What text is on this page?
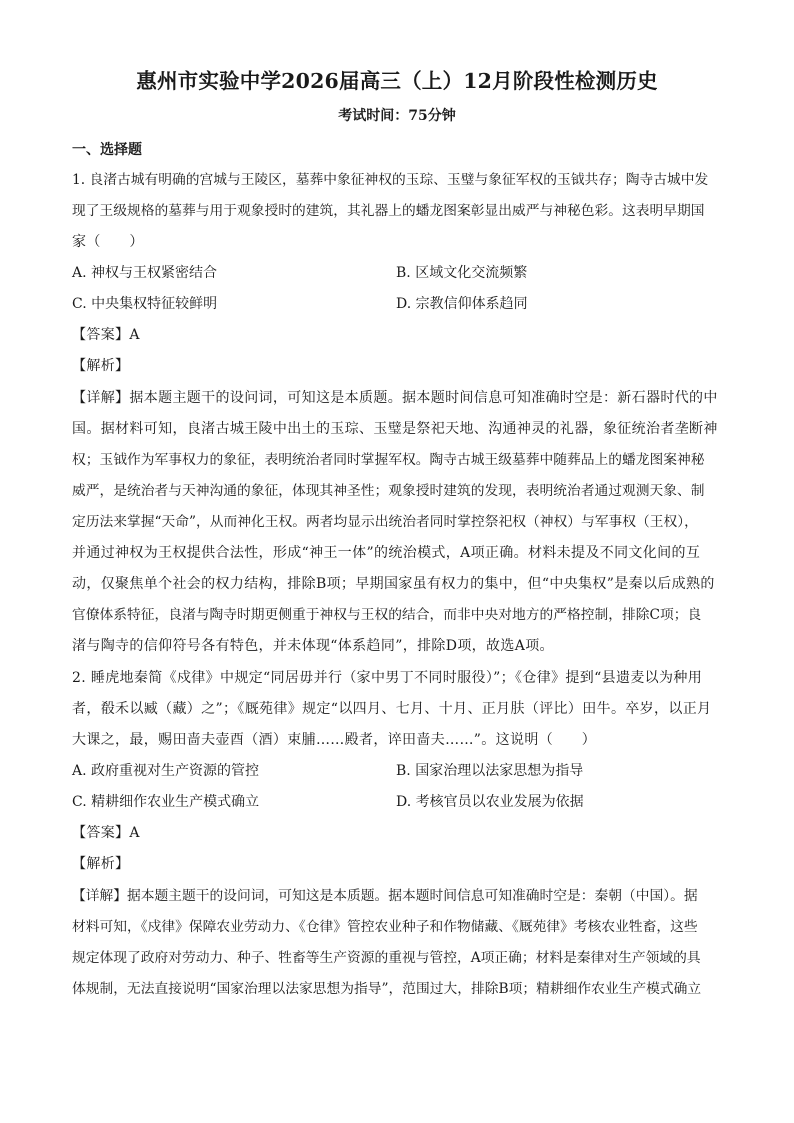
惠州市实验中学2026届高三（上）12月阶段性检测历史
考试时间：75分钟
一、选择题
1. 良渚古城有明确的宫城与王陵区，墓葬中象征神权的玉琮、玉璧与象征军权的玉钺共存；陶寺古城中发
现了王级规格的墓葬与用于观象授时的建筑，其礼器上的蟠龙图案彰显出威严与神秘色彩。这表明早期国
家（　　）
A. 神权与王权紧密结合	B. 区域文化交流频繁
C. 中央集权特征较鲜明	D. 宗教信仰体系趋同
【答案】A
【解析】
【详解】据本题主题干的设问词，可知这是本质题。据本题时间信息可知准确时空是：新石器时代的中
国。据材料可知，良渚古城王陵中出土的玉琮、玉璧是祭祀天地、沟通神灵的礼器，象征统治者垄断神
权；玉钺作为军事权力的象征，表明统治者同时掌握军权。陶寺古城王级墓葬中随葬品上的蟠龙图案神秘
威严，是统治者与天神沟通的象征，体现其神圣性；观象授时建筑的发现，表明统治者通过观测天象、制
定历法来掌握“天命”，从而神化王权。两者均显示出统治者同时掌控祭祀权（神权）与军事权（王权），
并通过神权为王权提供合法性，形成“神王一体”的统治模式，A项正确。材料未提及不同文化间的互
动，仅聚焦单个社会的权力结构，排除B项；早期国家虽有权力的集中，但“中央集权”是秦以后成熟的
官僚体系特征，良渚与陶寺时期更侧重于神权与王权的结合，而非中央对地方的严格控制，排除C项；良
渚与陶寺的信仰符号各有特色，并未体现“体系趋同”，排除D项，故选A项。
2. 睡虎地秦简《戍律》中规定“同居毋并行（家中男丁不同时服役）”；《仓律》提到“县遗麦以为种用
者，殽禾以臧（藏）之”；《厩苑律》规定“以四月、七月、十月、正月肤（评比）田牛。卒岁，以正月
大课之，最，赐田啬夫壶酉（酒）束脯……殿者，谇田啬夫……”。这说明（　　）
A. 政府重视对生产资源的管控	B. 国家治理以法家思想为指导
C. 精耕细作农业生产模式确立	D. 考核官员以农业发展为依据
【答案】A
【解析】
【详解】据本题主题干的设问词，可知这是本质题。据本题时间信息可知准确时空是：秦朝（中国）。据
材料可知，《戍律》保障农业劳动力、《仓律》管控农业种子和作物储藏、《厩苑律》考核农业牲畜，这些
规定体现了政府对劳动力、种子、牲畜等生产资源的重视与管控，A项正确；材料是秦律对生产领域的具
体规制，无法直接说明“国家治理以法家思想为指导”，范围过大，排除B项；精耕细作农业生产模式确立
